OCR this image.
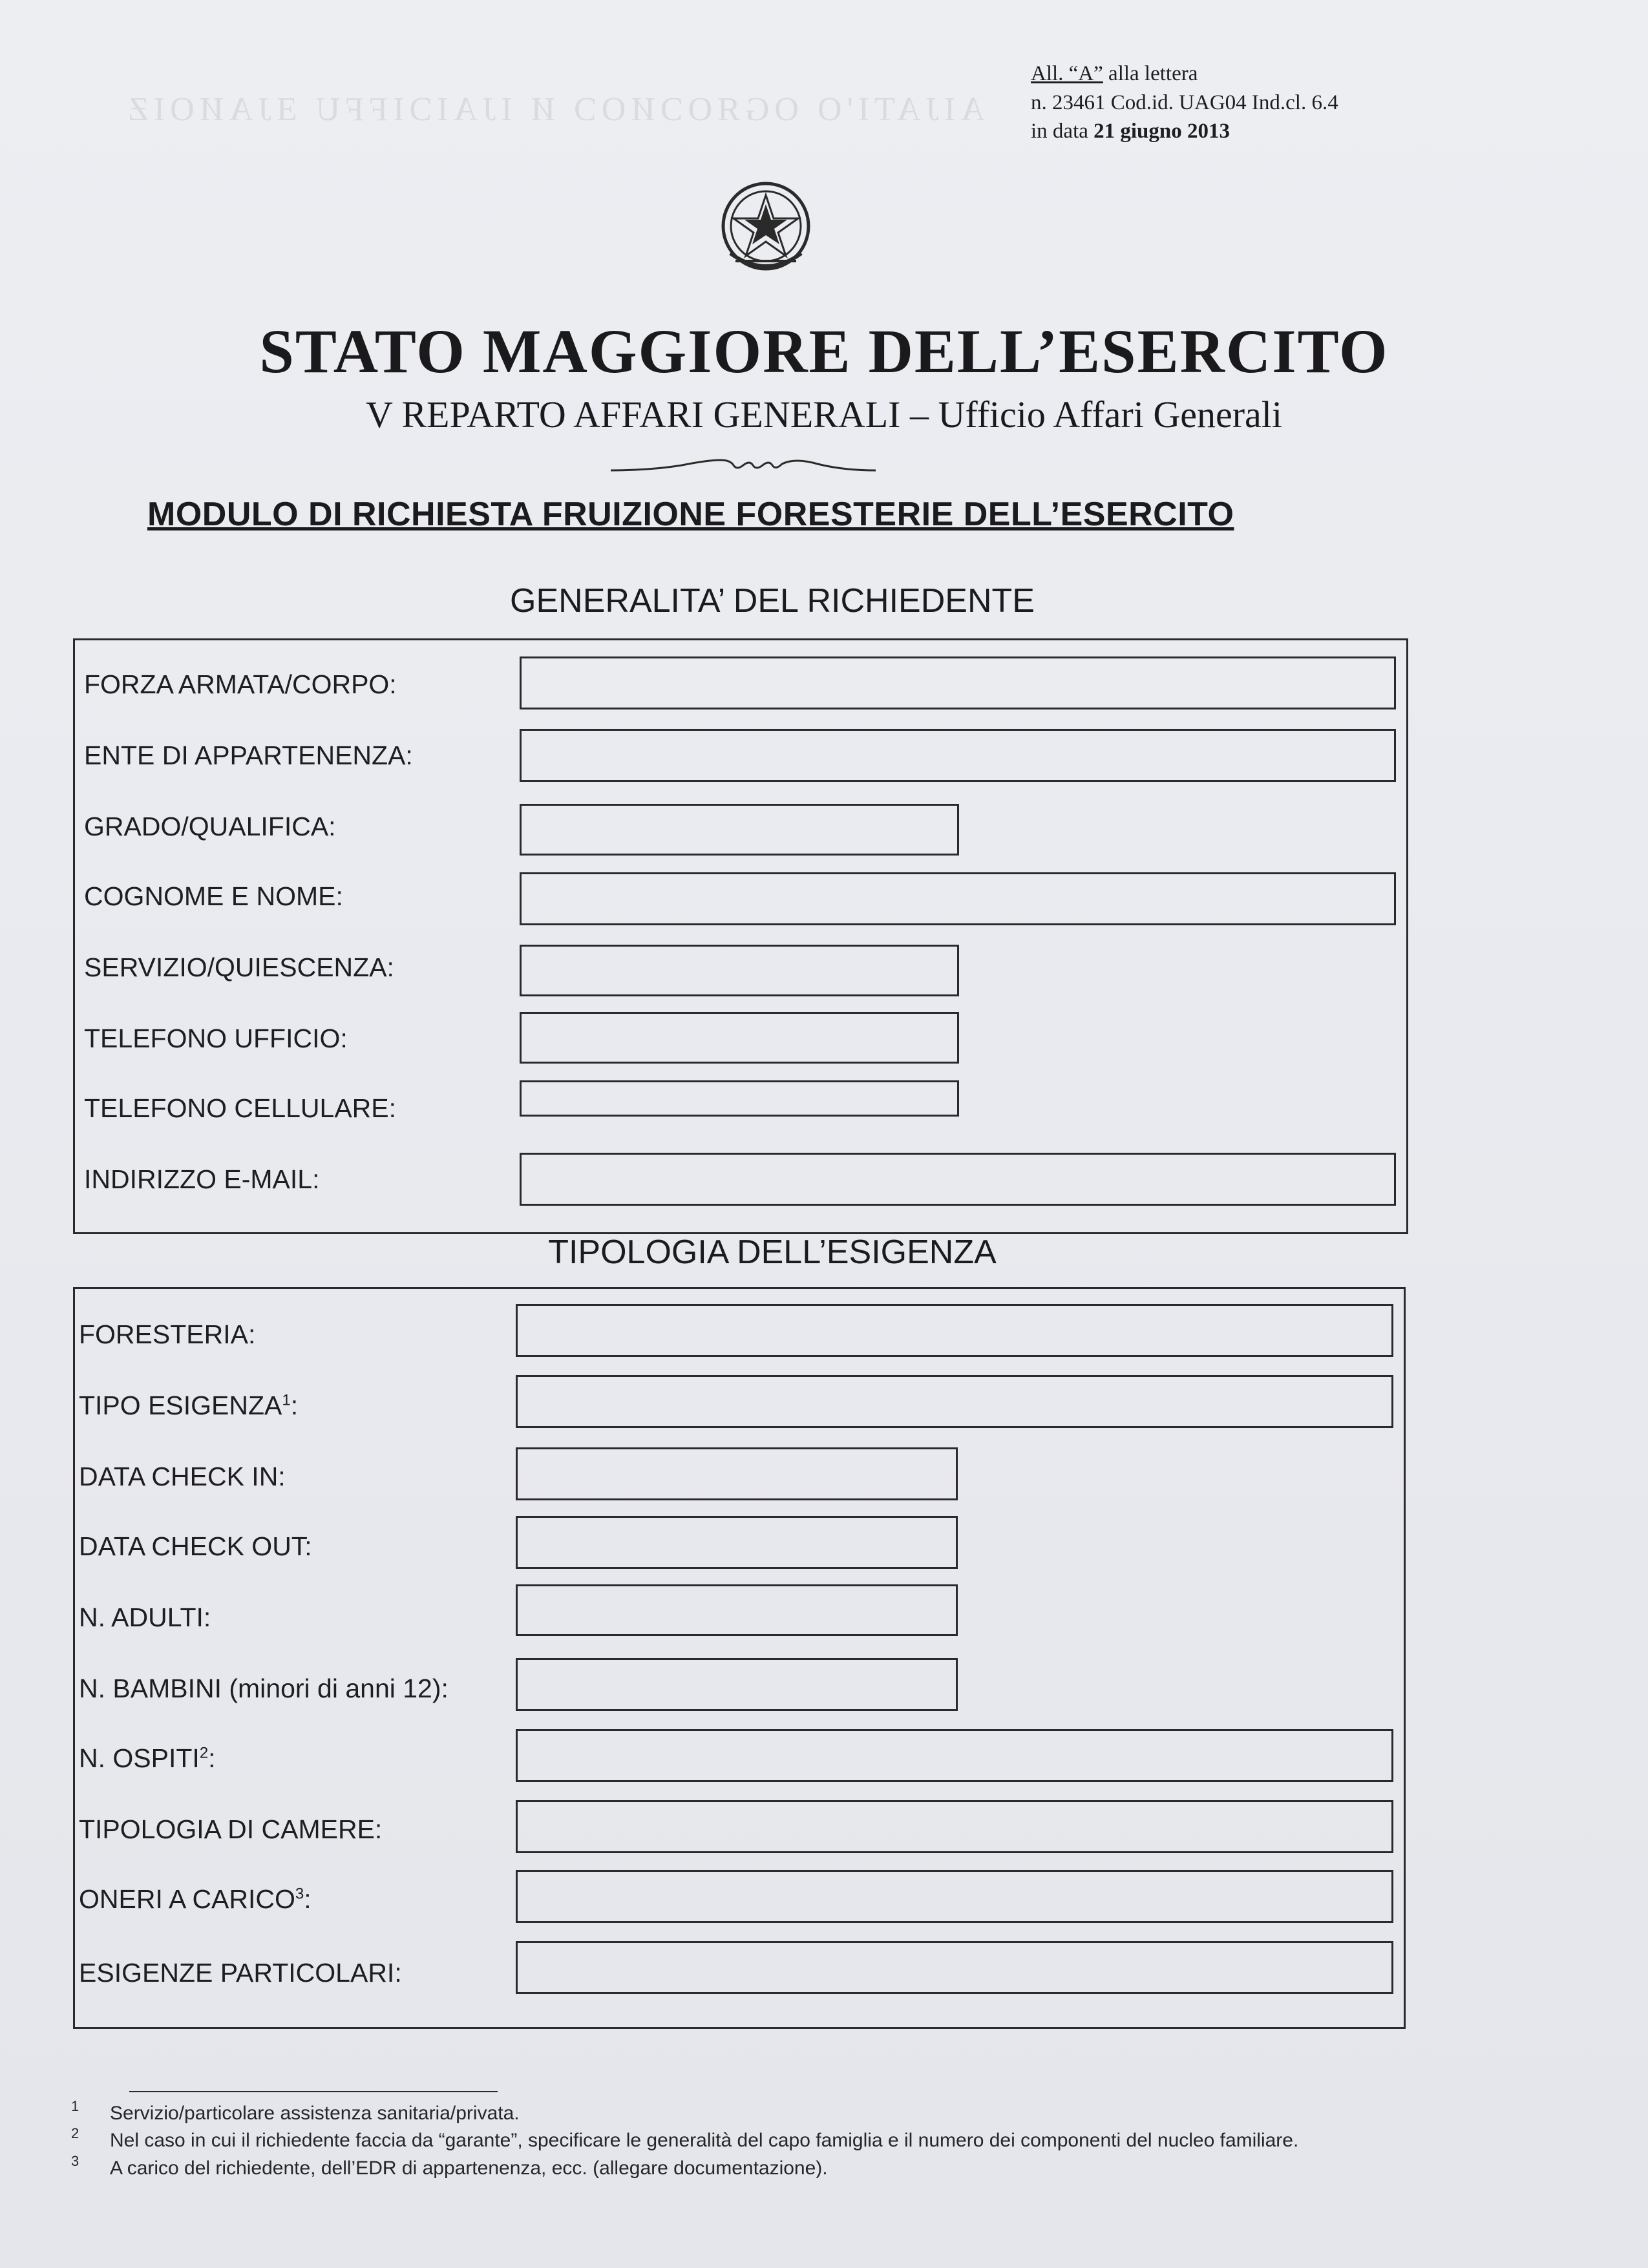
AIJATI'O OGЯOƆИOƆ И IJAIƆIFFU ƎЈAИOIƵ

All. “A” alla lettera
n. 23461 Cod.id. UAG04 Ind.cl. 6.4
in data 21 giugno 2013
STATO MAGGIORE DELL’ESERCITO
V REPARTO AFFARI GENERALI – Ufficio Affari Generali
MODULO DI RICHIESTA FRUIZIONE FORESTERIE DELL’ESERCITO
GENERALITA’ DEL RICHIEDENTE
FORZA ARMATA/CORPO:
ENTE DI APPARTENENZA:
GRADO/QUALIFICA:
COGNOME E NOME:
SERVIZIO/QUIESCENZA:
TELEFONO UFFICIO:
TELEFONO CELLULARE:
INDIRIZZO E-MAIL:
TIPOLOGIA DELL’ESIGENZA
FORESTERIA:
TIPO ESIGENZA$^1$:
DATA CHECK IN:
DATA CHECK OUT:
N. ADULTI:
N. BAMBINI (minori di anni 12):
N. OSPITI$^2$:
TIPOLOGIA DI CAMERE:
ONERI A CARICO$^3$:
ESIGENZE PARTICOLARI:
1 Servizio/particolare assistenza sanitaria/privata.
2 Nel caso in cui il richiedente faccia da “garante”, specificare le generalità del capo famiglia e il numero dei componenti del nucleo familiare.
3 A carico del richiedente, dell’EDR di appartenenza, ecc. (allegare documentazione).
